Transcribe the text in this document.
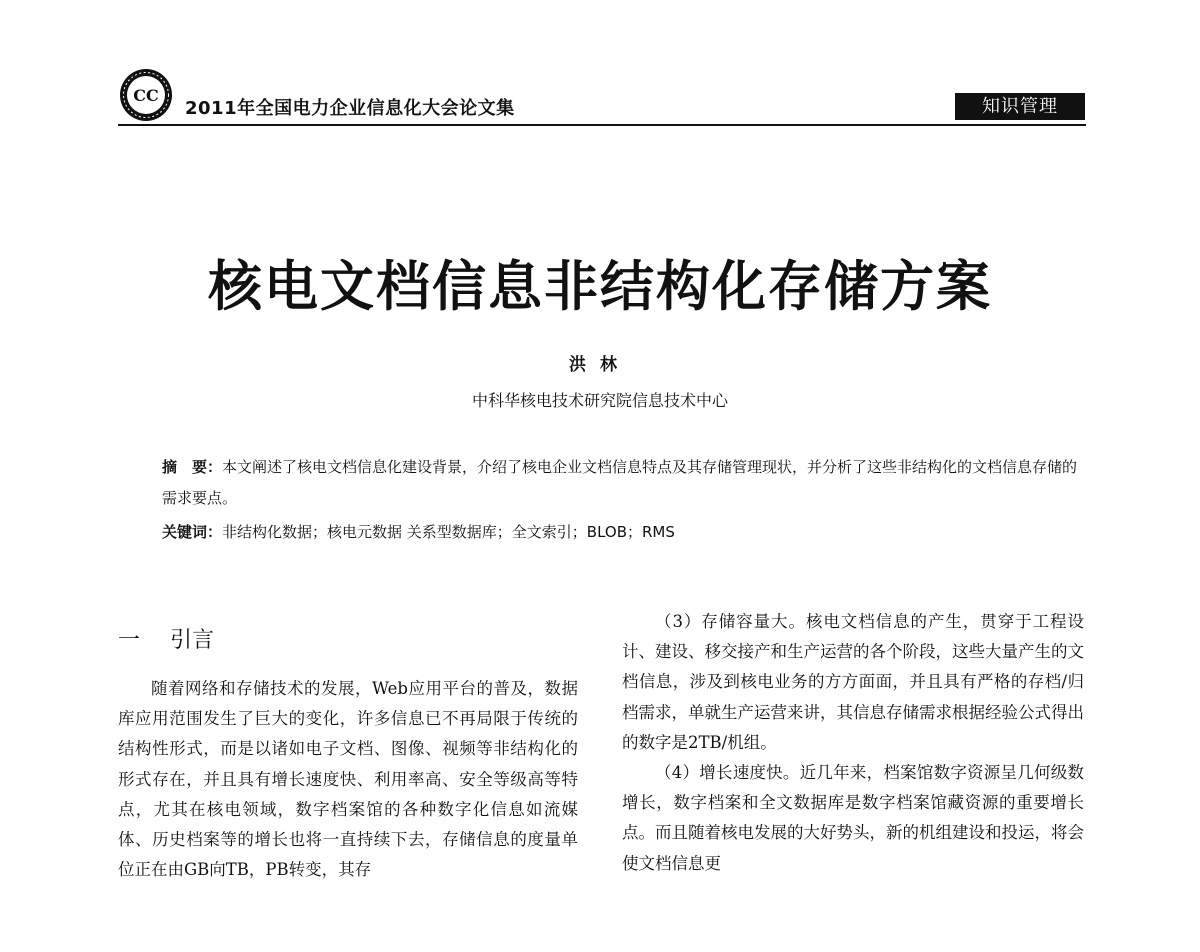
CC
2011年全国电力企业信息化大会论文集	知识管理
核电文档信息非结构化存储方案
洪林
中科华核电技术研究院信息技术中心
摘　要：本文阐述了核电文档信息化建设背景，介绍了核电企业文档信息特点及其存储管理现状，并分析了这些非结构化的文档信息存储的需求要点。
关键词：非结构化数据；核电元数据 关系型数据库；全文索引；BLOB；RMS
一 引言

随着网络和存储技术的发展，Web应用平台的普及，数据库应用范围发生了巨大的变化，许多信息已不再局限于传统的结构性形式，而是以诸如电子文档、图像、视频等非结构化的形式存在，并且具有增长速度快、利用率高、安全等级高等特点，尤其在核电领域，数字档案馆的各种数字化信息如流媒体、历史档案等的增长也将一直持续下去，存储信息的度量单位正在由GB向TB，PB转变，其存

（3）存储容量大。核电文档信息的产生，贯穿于工程设计、建设、移交接产和生产运营的各个阶段，这些大量产生的文档信息，涉及到核电业务的方方面面，并且具有严格的存档/归档需求，单就生产运营来讲，其信息存储需求根据经验公式得出的数字是2TB/机组。

（4）增长速度快。近几年来，档案馆数字资源呈几何级数增长，数字档案和全文数据库是数字档案馆藏资源的重要增长点。而且随着核电发展的大好势头，新的机组建设和投运，将会使文档信息更
